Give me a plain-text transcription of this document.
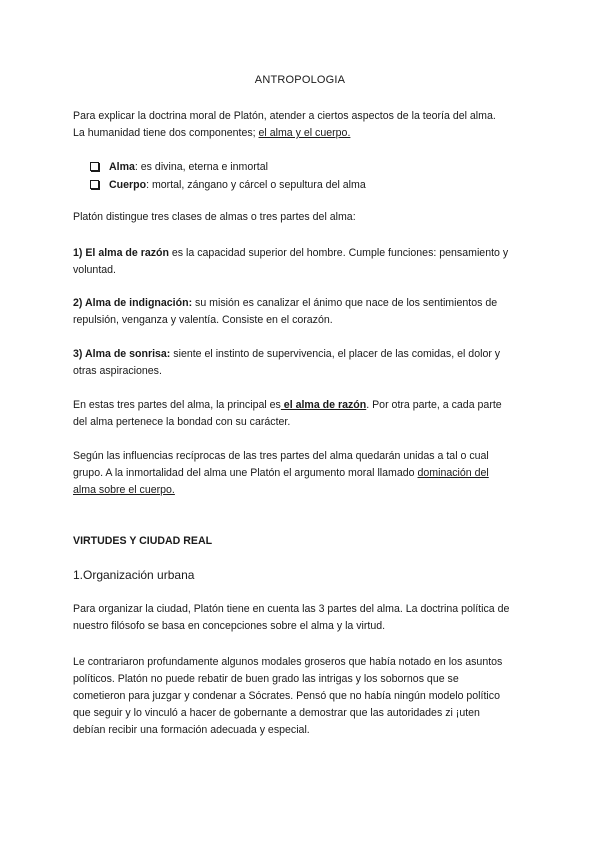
ANTROPOLOGIA
Para explicar la doctrina moral de Platón, atender a ciertos aspectos de la teoría del alma.
La humanidad tiene dos componentes; el alma y el cuerpo.
Alma: es divina, eterna e inmortal
Cuerpo: mortal, zángano y cárcel o sepultura del alma
Platón distingue tres clases de almas o tres partes del alma:
1) El alma de razón es la capacidad superior del hombre. Cumple funciones: pensamiento y
voluntad.
2) Alma de indignación: su misión es canalizar el ánimo que nace de los sentimientos de
repulsión, venganza y valentía. Consiste en el corazón.
3) Alma de sonrisa: siente el instinto de supervivencia, el placer de las comidas, el dolor y
otras aspiraciones.
En estas tres partes del alma, la principal es el alma de razón. Por otra parte, a cada parte
del alma pertenece la bondad con su carácter.
Según las influencias recíprocas de las tres partes del alma quedarán unidas a tal o cual
grupo. A la inmortalidad del alma une Platón el argumento moral llamado dominación del
alma sobre el cuerpo.
VIRTUDES Y CIUDAD REAL
1.Organización urbana
Para organizar la ciudad, Platón tiene en cuenta las 3 partes del alma. La doctrina política de
nuestro filósofo se basa en concepciones sobre el alma y la virtud.
Le contrariaron profundamente algunos modales groseros que había notado en los asuntos
políticos. Platón no puede rebatir de buen grado las intrigas y los sobornos que se
cometieron para juzgar y condenar a Sócrates. Pensó que no había ningún modelo político
que seguir y lo vinculó a hacer de gobernante a demostrar que las autoridades zi ¡uten
debían recibir una formación adecuada y especial.
